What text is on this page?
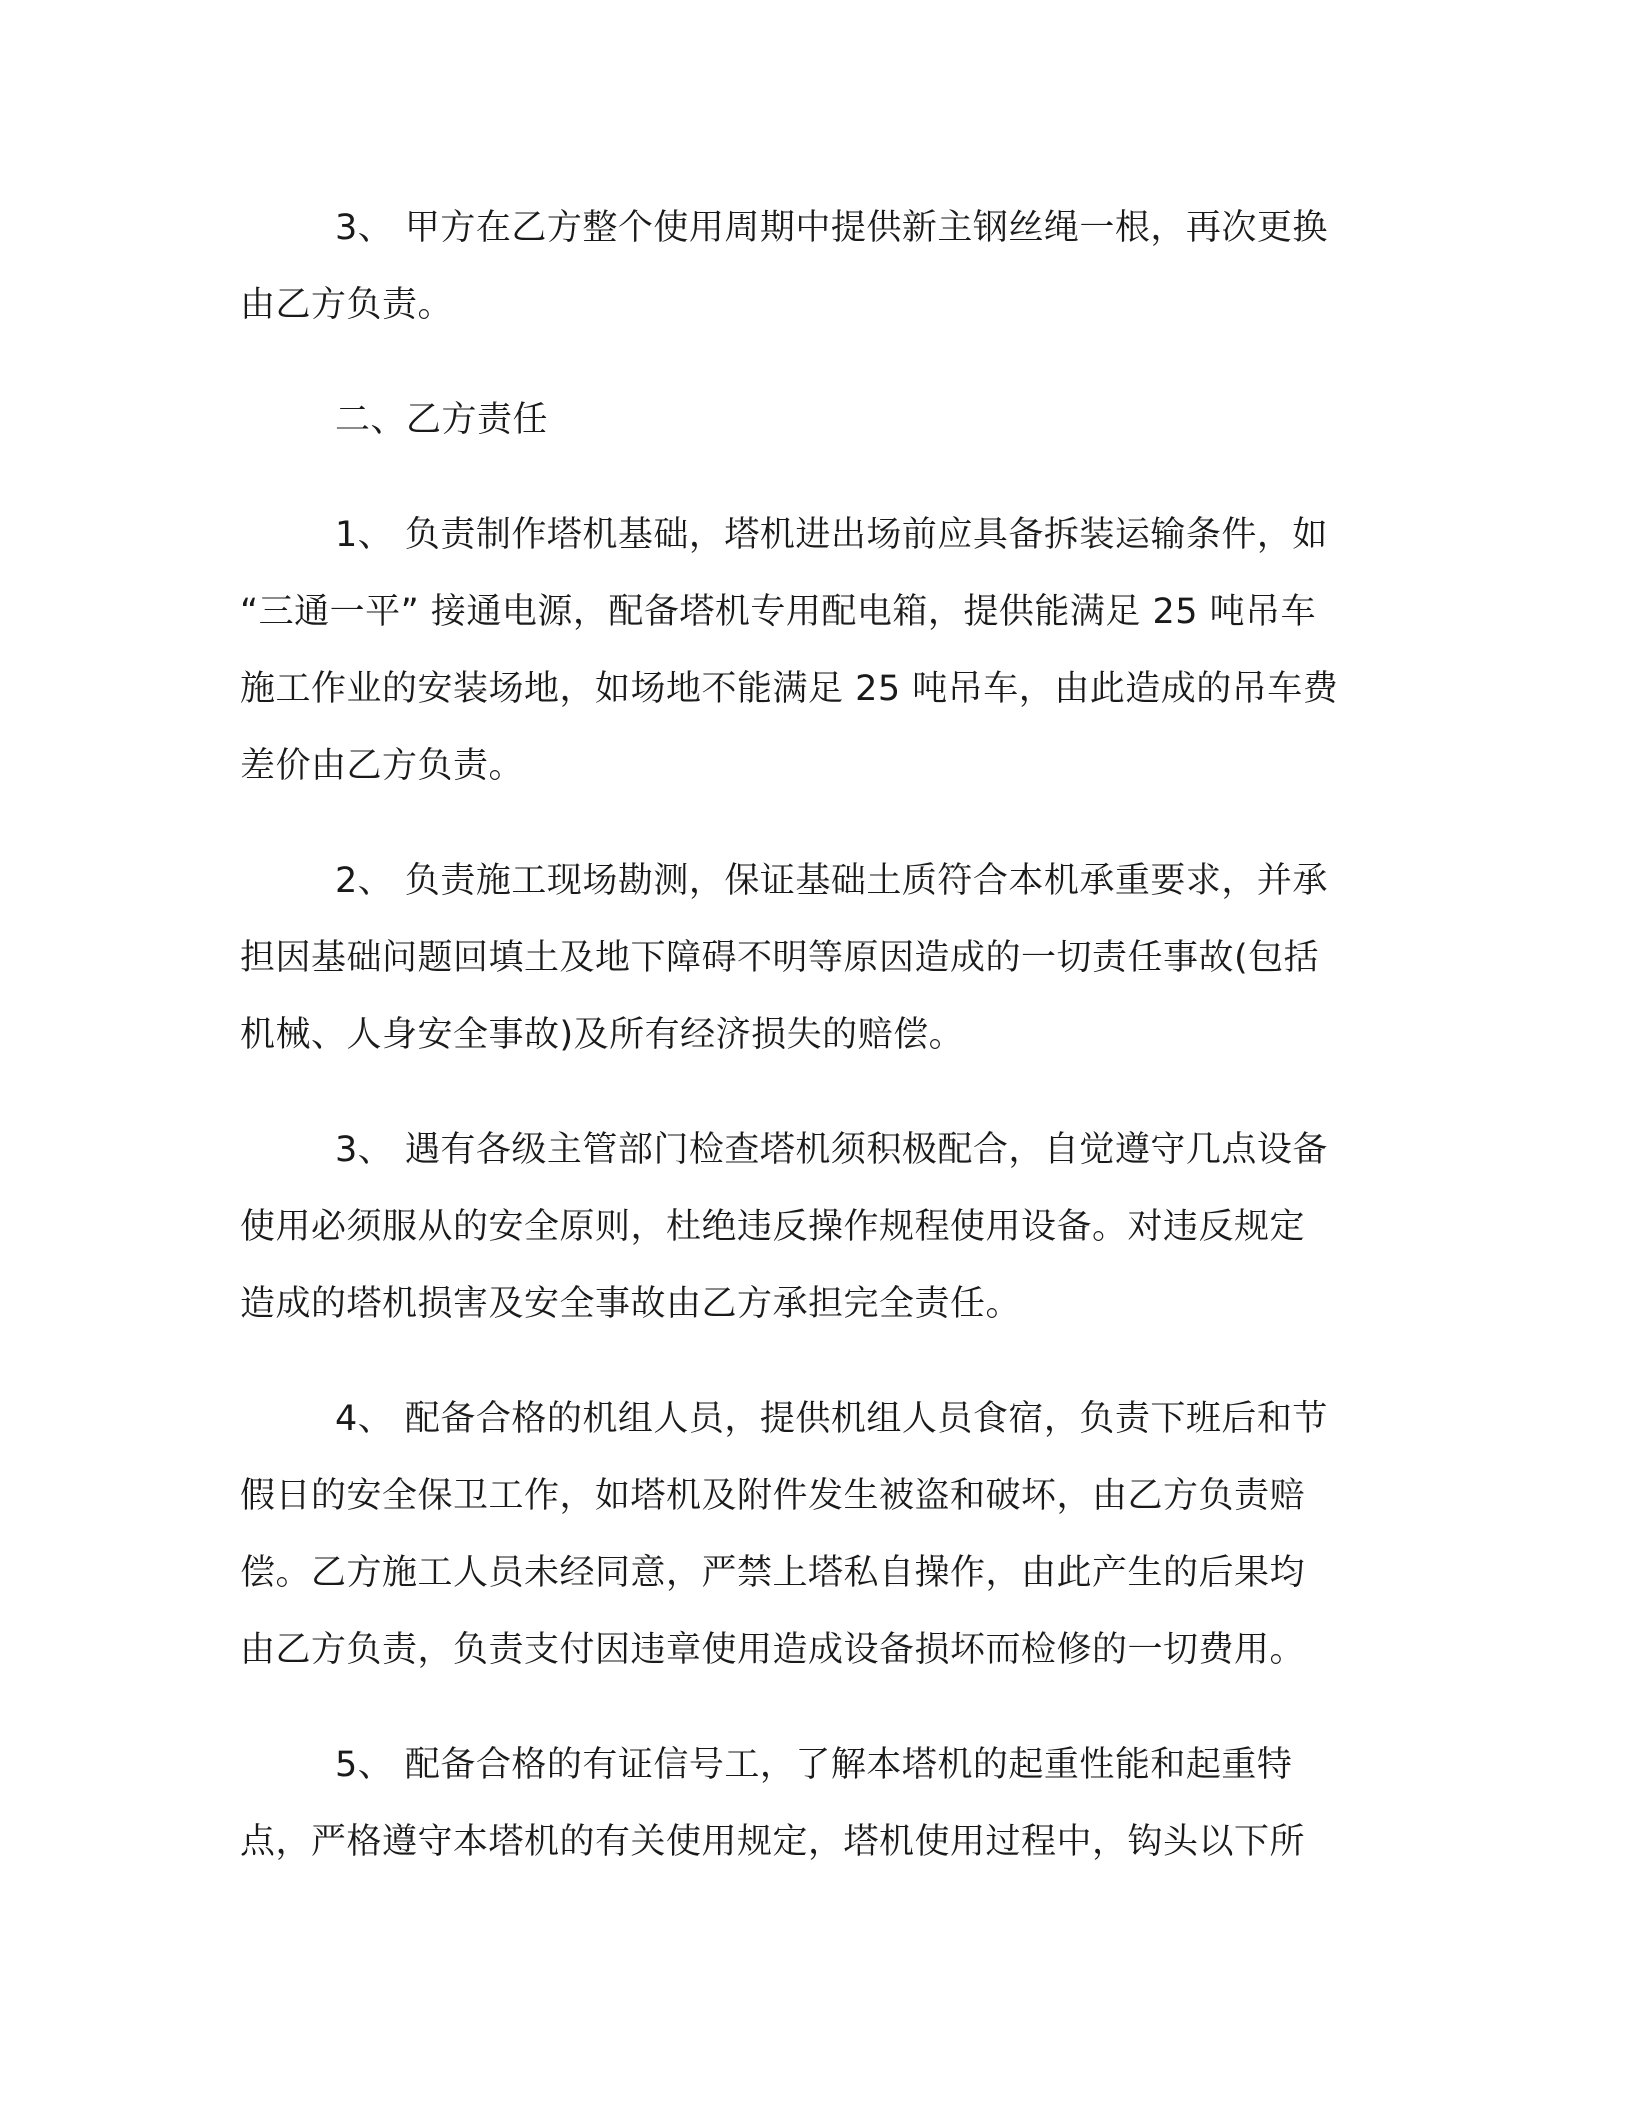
3、 甲方在乙方整个使用周期中提供新主钢丝绳一根，再次更换
由乙方负责。
二、乙方责任
1、 负责制作塔机基础，塔机进出场前应具备拆装运输条件，如
“三通一平” 接通电源，配备塔机专用配电箱，提供能满足 25 吨吊车
施工作业的安装场地，如场地不能满足 25 吨吊车，由此造成的吊车费
差价由乙方负责。
2、 负责施工现场勘测，保证基础土质符合本机承重要求，并承
担因基础问题回填土及地下障碍不明等原因造成的一切责任事故(包括
机械、人身安全事故)及所有经济损失的赔偿。
3、 遇有各级主管部门检查塔机须积极配合，自觉遵守几点设备
使用必须服从的安全原则，杜绝违反操作规程使用设备。对违反规定
造成的塔机损害及安全事故由乙方承担完全责任。
4、 配备合格的机组人员，提供机组人员食宿，负责下班后和节
假日的安全保卫工作，如塔机及附件发生被盗和破坏，由乙方负责赔
偿。乙方施工人员未经同意，严禁上塔私自操作，由此产生的后果均
由乙方负责，负责支付因违章使用造成设备损坏而检修的一切费用。
5、 配备合格的有证信号工，了解本塔机的起重性能和起重特
点，严格遵守本塔机的有关使用规定，塔机使用过程中，钩头以下所
